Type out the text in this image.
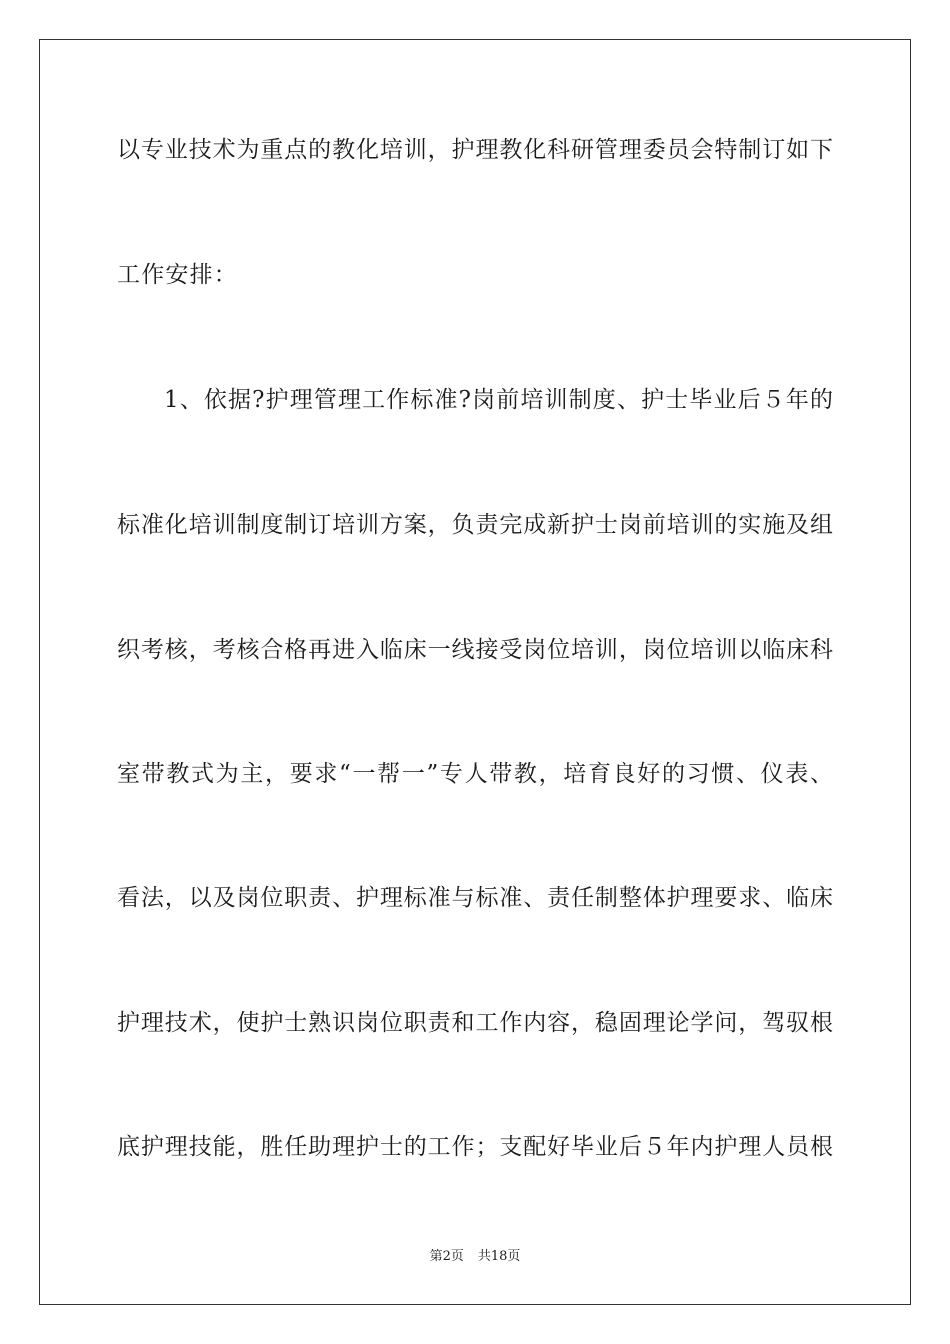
以专业技术为重点的教化培训，护理教化科研管理委员会特制订如下

工作安排：

1、依据?护理管理工作标准?岗前培训制度、护士毕业后５年的

标准化培训制度制订培训方案，负责完成新护士岗前培训的实施及组

织考核，考核合格再进入临床一线接受岗位培训，岗位培训以临床科

室带教式为主，要求“一帮一”专人带教，培育良好的习惯、仪表、

看法，以及岗位职责、护理标准与标准、责任制整体护理要求、临床

护理技术，使护士熟识岗位职责和工作内容，稳固理论学问，驾驭根

底护理技能，胜任助理护士的工作；支配好毕业后５年内护理人员根

第2页 共18页
